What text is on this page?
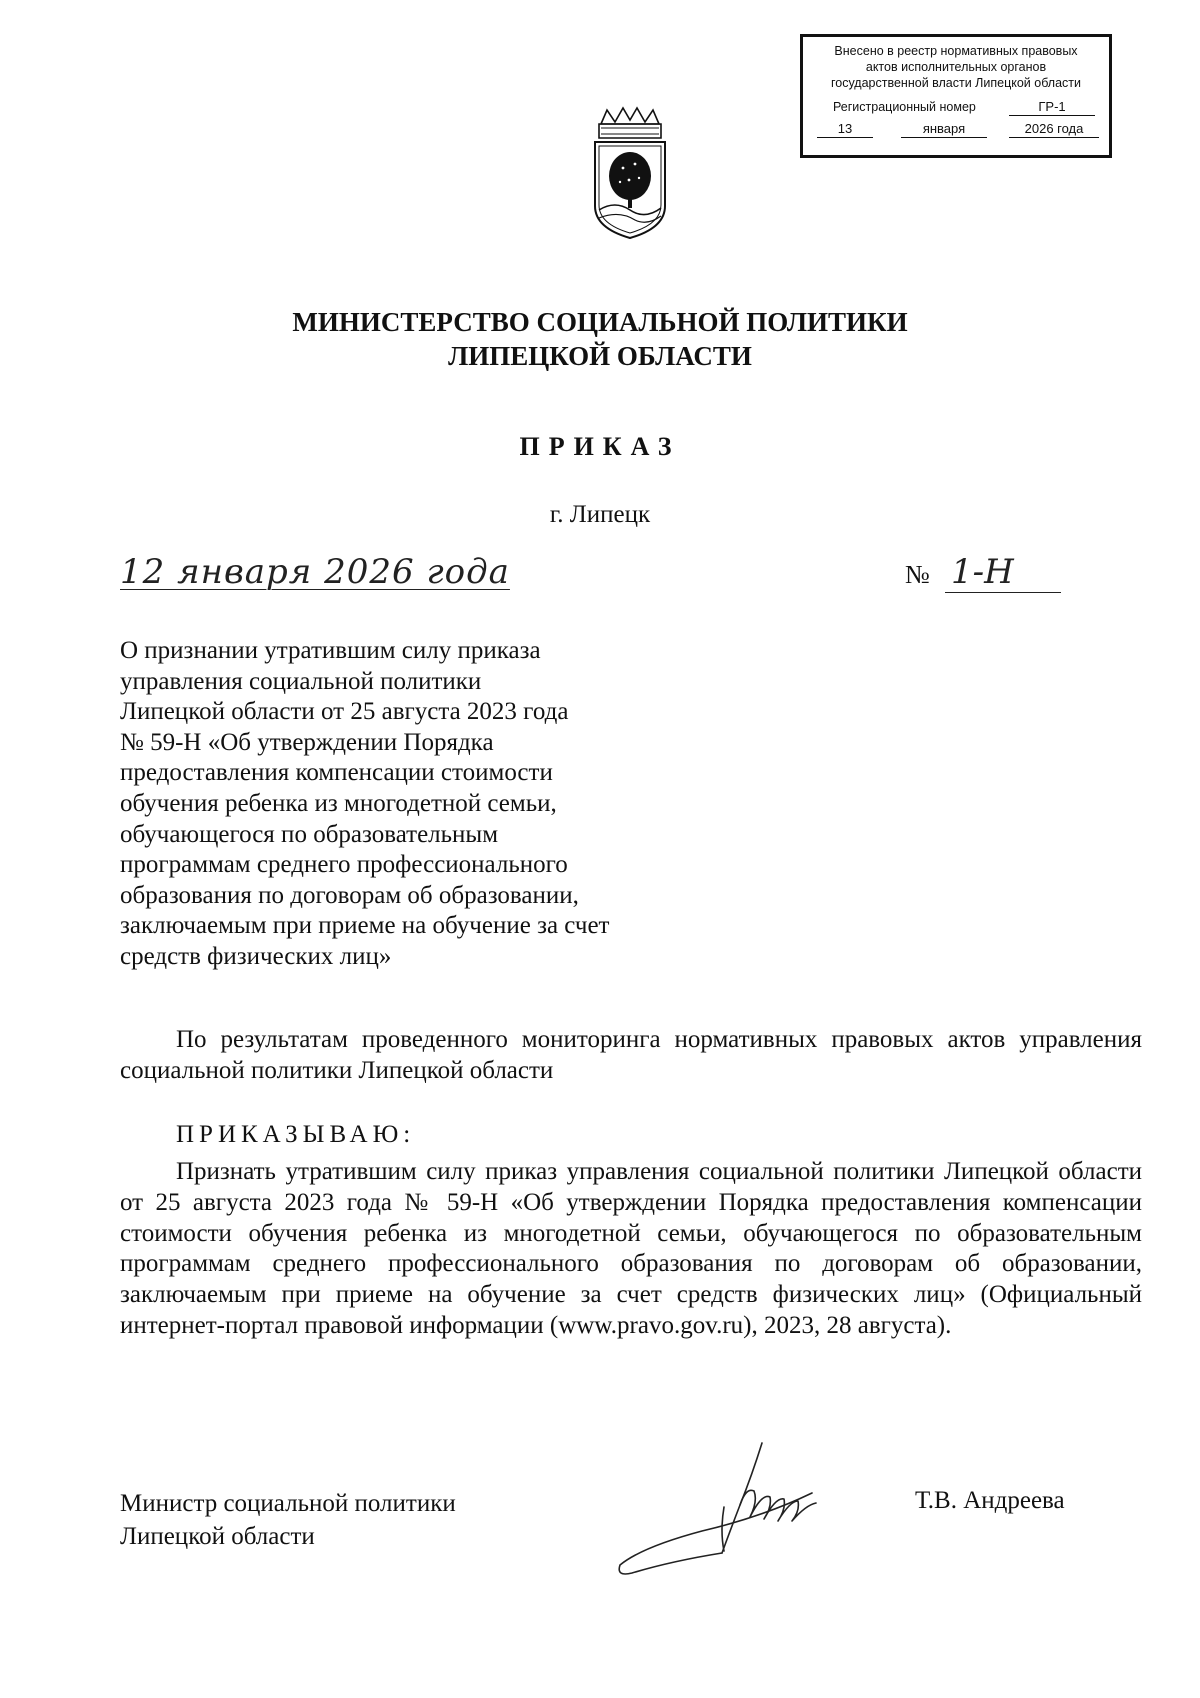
Внесено в реестр нормативных правовых
актов исполнительных органов
государственной власти Липецкой области
Регистрационный номер	ГР-1
13	января	2026 года
МИНИСТЕРСТВО СОЦИАЛЬНОЙ ПОЛИТИКИ
ЛИПЕЦКОЙ ОБЛАСТИ
ПРИКАЗ
г. Липецк
12 января 2026 года	№ 1-Н
О признании утратившим силу приказа
управления социальной политики
Липецкой области от 25 августа 2023 года
№ 59-Н «Об утверждении Порядка
предоставления компенсации стоимости
обучения ребенка из многодетной семьи,
обучающегося по образовательным
программам среднего профессионального
образования по договорам об образовании,
заключаемым при приеме на обучение за счет
средств физических лиц»
По результатам проведенного мониторинга нормативных правовых актов управления социальной политики Липецкой области
ПРИКАЗЫВАЮ:
Признать утратившим силу приказ управления социальной политики Липецкой области от 25 августа 2023 года № 59-Н «Об утверждении Порядка предоставления компенсации стоимости обучения ребенка из многодетной семьи, обучающегося по образовательным программам среднего профессионального образования по договорам об образовании, заключаемым при приеме на обучение за счет средств физических лиц» (Официальный интернет-портал правовой информации (www.pravo.gov.ru), 2023, 28 августа).
Министр социальной политики
Липецкой области
Т.В. Андреева
